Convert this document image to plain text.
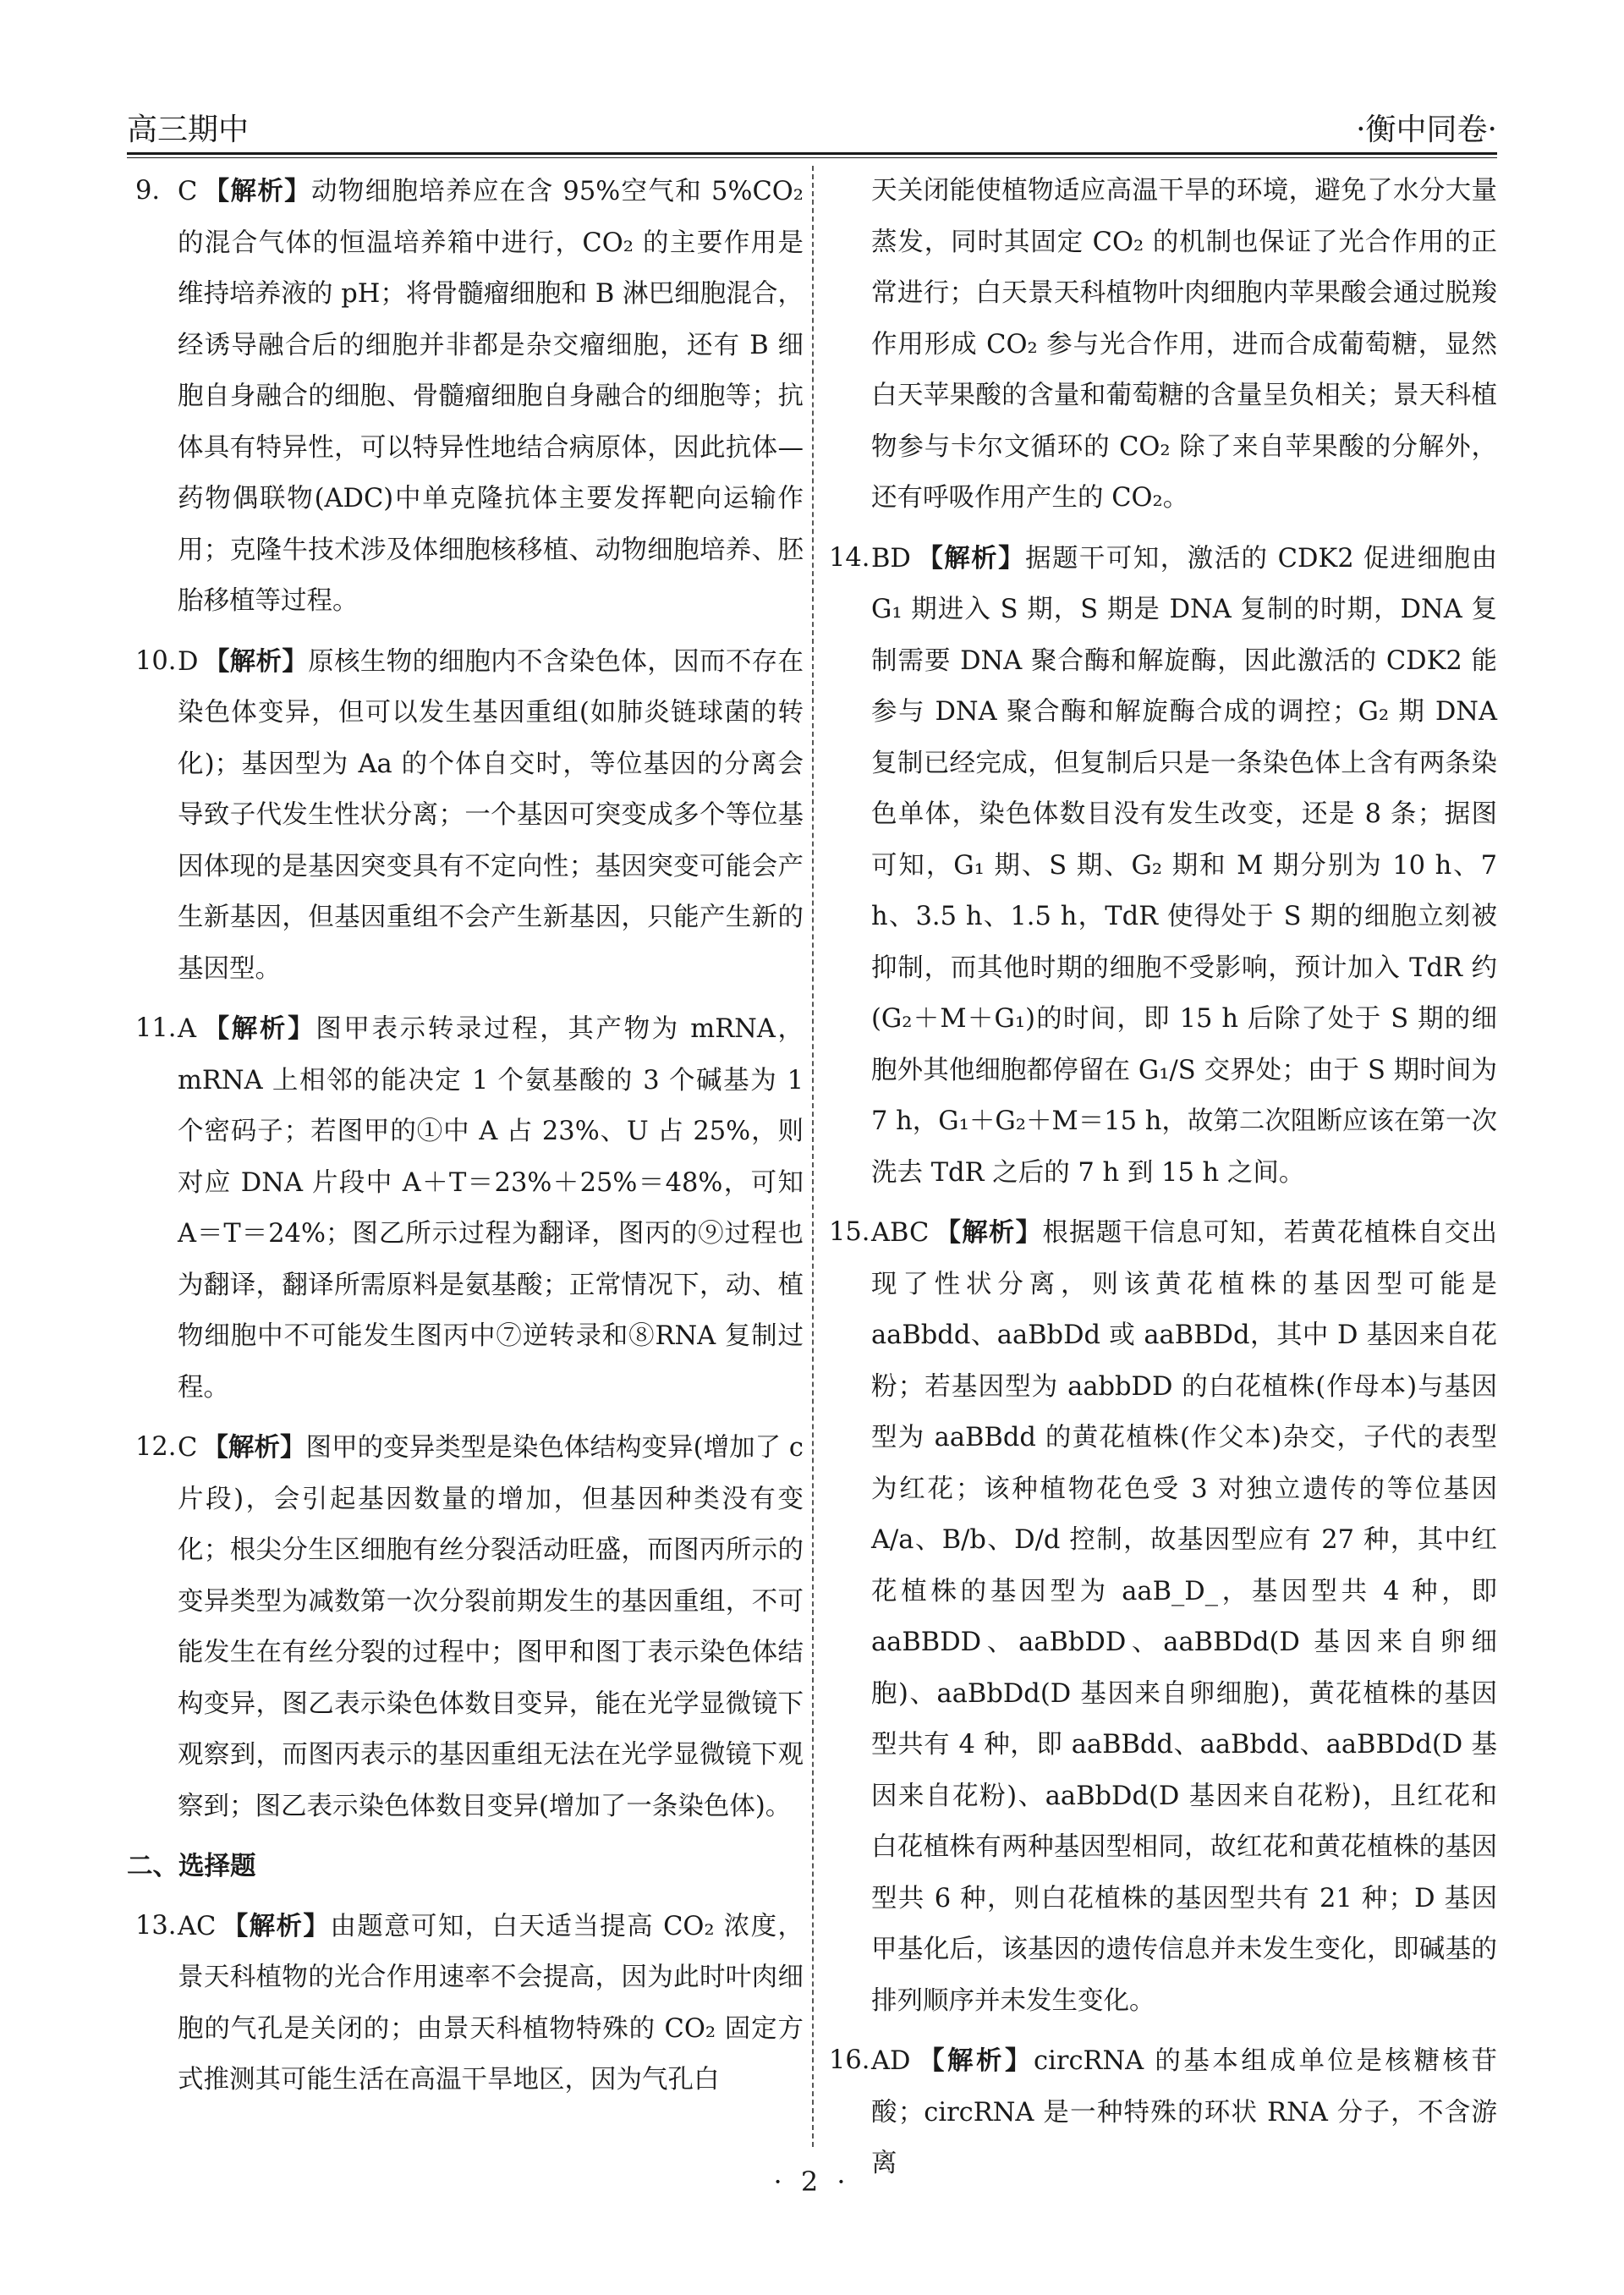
高三期中	·衡中同卷·
9. C 【解析】动物细胞培养应在含 95%空气和 5%CO₂ 的混合气体的恒温培养箱中进行，CO₂ 的主要作用是维持培养液的 pH；将骨髓瘤细胞和 B 淋巴细胞混合，经诱导融合后的细胞并非都是杂交瘤细胞，还有 B 细胞自身融合的细胞、骨髓瘤细胞自身融合的细胞等；抗体具有特异性，可以特异性地结合病原体，因此抗体—药物偶联物(ADC)中单克隆抗体主要发挥靶向运输作用；克隆牛技术涉及体细胞核移植、动物细胞培养、胚胎移植等过程。
10. D 【解析】原核生物的细胞内不含染色体，因而不存在染色体变异，但可以发生基因重组(如肺炎链球菌的转化)；基因型为 Aa 的个体自交时，等位基因的分离会导致子代发生性状分离；一个基因可突变成多个等位基因体现的是基因突变具有不定向性；基因突变可能会产生新基因，但基因重组不会产生新基因，只能产生新的基因型。
11. A 【解析】图甲表示转录过程，其产物为 mRNA，mRNA 上相邻的能决定 1 个氨基酸的 3 个碱基为 1 个密码子；若图甲的①中 A 占 23%、U 占 25%，则对应 DNA 片段中 A＋T＝23%＋25%＝48%，可知 A＝T＝24%；图乙所示过程为翻译，图丙的⑨过程也为翻译，翻译所需原料是氨基酸；正常情况下，动、植物细胞中不可能发生图丙中⑦逆转录和⑧RNA 复制过程。
12. C 【解析】图甲的变异类型是染色体结构变异(增加了 c 片段)，会引起基因数量的增加，但基因种类没有变化；根尖分生区细胞有丝分裂活动旺盛，而图丙所示的变异类型为减数第一次分裂前期发生的基因重组，不可能发生在有丝分裂的过程中；图甲和图丁表示染色体结构变异，图乙表示染色体数目变异，能在光学显微镜下观察到，而图丙表示的基因重组无法在光学显微镜下观察到；图乙表示染色体数目变异(增加了一条染色体)。
二、选择题
13. AC 【解析】由题意可知，白天适当提高 CO₂ 浓度，景天科植物的光合作用速率不会提高，因为此时叶肉细胞的气孔是关闭的；由景天科植物特殊的 CO₂ 固定方式推测其可能生活在高温干旱地区，因为气孔白
天关闭能使植物适应高温干旱的环境，避免了水分大量蒸发，同时其固定 CO₂ 的机制也保证了光合作用的正常进行；白天景天科植物叶肉细胞内苹果酸会通过脱羧作用形成 CO₂ 参与光合作用，进而合成葡萄糖，显然白天苹果酸的含量和葡萄糖的含量呈负相关；景天科植物参与卡尔文循环的 CO₂ 除了来自苹果酸的分解外，还有呼吸作用产生的 CO₂。
14. BD 【解析】据题干可知，激活的 CDK2 促进细胞由 G₁ 期进入 S 期，S 期是 DNA 复制的时期，DNA 复制需要 DNA 聚合酶和解旋酶，因此激活的 CDK2 能参与 DNA 聚合酶和解旋酶合成的调控；G₂ 期 DNA 复制已经完成，但复制后只是一条染色体上含有两条染色单体，染色体数目没有发生改变，还是 8 条；据图可知，G₁ 期、S 期、G₂ 期和 M 期分别为 10 h、7 h、3.5 h、1.5 h，TdR 使得处于 S 期的细胞立刻被抑制，而其他时期的细胞不受影响，预计加入 TdR 约(G₂＋M＋G₁)的时间，即 15 h 后除了处于 S 期的细胞外其他细胞都停留在 G₁/S 交界处；由于 S 期时间为 7 h，G₁＋G₂＋M＝15 h，故第二次阻断应该在第一次洗去 TdR 之后的 7 h 到 15 h 之间。
15. ABC 【解析】根据题干信息可知，若黄花植株自交出现了性状分离，则该黄花植株的基因型可能是 aaBbdd、aaBbDd 或 aaBBDd，其中 D 基因来自花粉；若基因型为 aabbDD 的白花植株(作母本)与基因型为 aaBBdd 的黄花植株(作父本)杂交，子代的表型为红花；该种植物花色受 3 对独立遗传的等位基因 A/a、B/b、D/d 控制，故基因型应有 27 种，其中红花植株的基因型为 aaB_D_，基因型共 4 种，即 aaBBDD、aaBbDD、aaBBDd(D 基因来自卵细胞)、aaBbDd(D 基因来自卵细胞)，黄花植株的基因型共有 4 种，即 aaBBdd、aaBbdd、aaBBDd(D 基因来自花粉)、aaBbDd(D 基因来自花粉)，且红花和白花植株有两种基因型相同，故红花和黄花植株的基因型共 6 种，则白花植株的基因型共有 21 种；D 基因甲基化后，该基因的遗传信息并未发生变化，即碱基的排列顺序并未发生变化。
16. AD 【解析】circRNA 的基本组成单位是核糖核苷酸；circRNA 是一种特殊的环状 RNA 分子，不含游离
· 2 ·
